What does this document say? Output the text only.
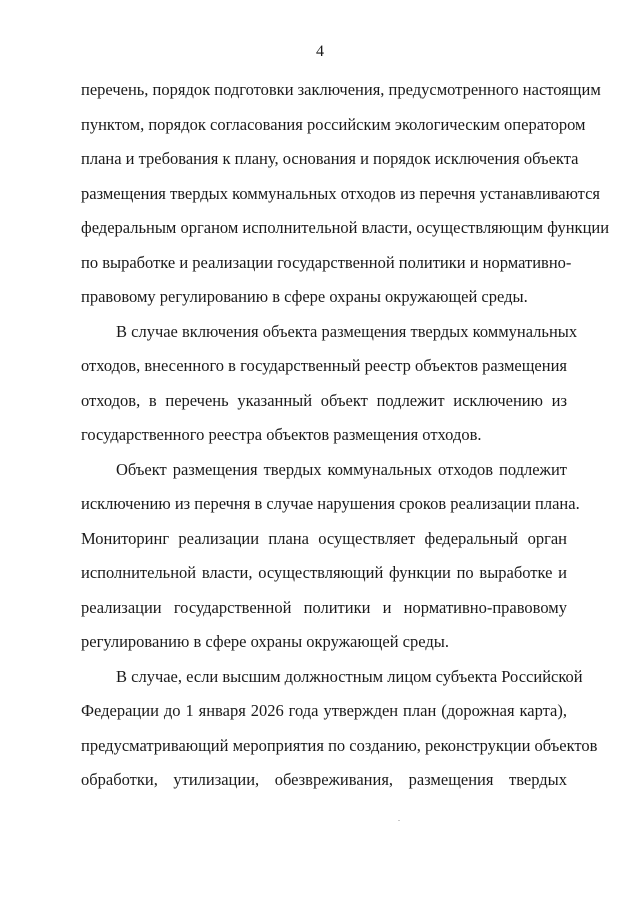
4
перечень, порядок подготовки заключения, предусмотренного настоящим
пунктом, порядок согласования российским экологическим оператором
плана и требования к плану, основания и порядок исключения объекта
размещения твердых коммунальных отходов из перечня устанавливаются
федеральным органом исполнительной власти, осуществляющим функции
по выработке и реализации государственной политики и нормативно-
правовому регулированию в сфере охраны окружающей среды.
В случае включения объекта размещения твердых коммунальных
отходов, внесенного в государственный реестр объектов размещения
отходов, в перечень указанный объект подлежит исключению из
государственного реестра объектов размещения отходов.
Объект размещения твердых коммунальных отходов подлежит
исключению из перечня в случае нарушения сроков реализации плана.
Мониторинг реализации плана осуществляет федеральный орган
исполнительной власти, осуществляющий функции по выработке и
реализации государственной политики и нормативно-правовому
регулированию в сфере охраны окружающей среды.
В случае, если высшим должностным лицом субъекта Российской
Федерации до 1 января 2026 года утвержден план (дорожная карта),
предусматривающий мероприятия по созданию, реконструкции объектов
обработки, утилизации, обезвреживания, размещения твердых
